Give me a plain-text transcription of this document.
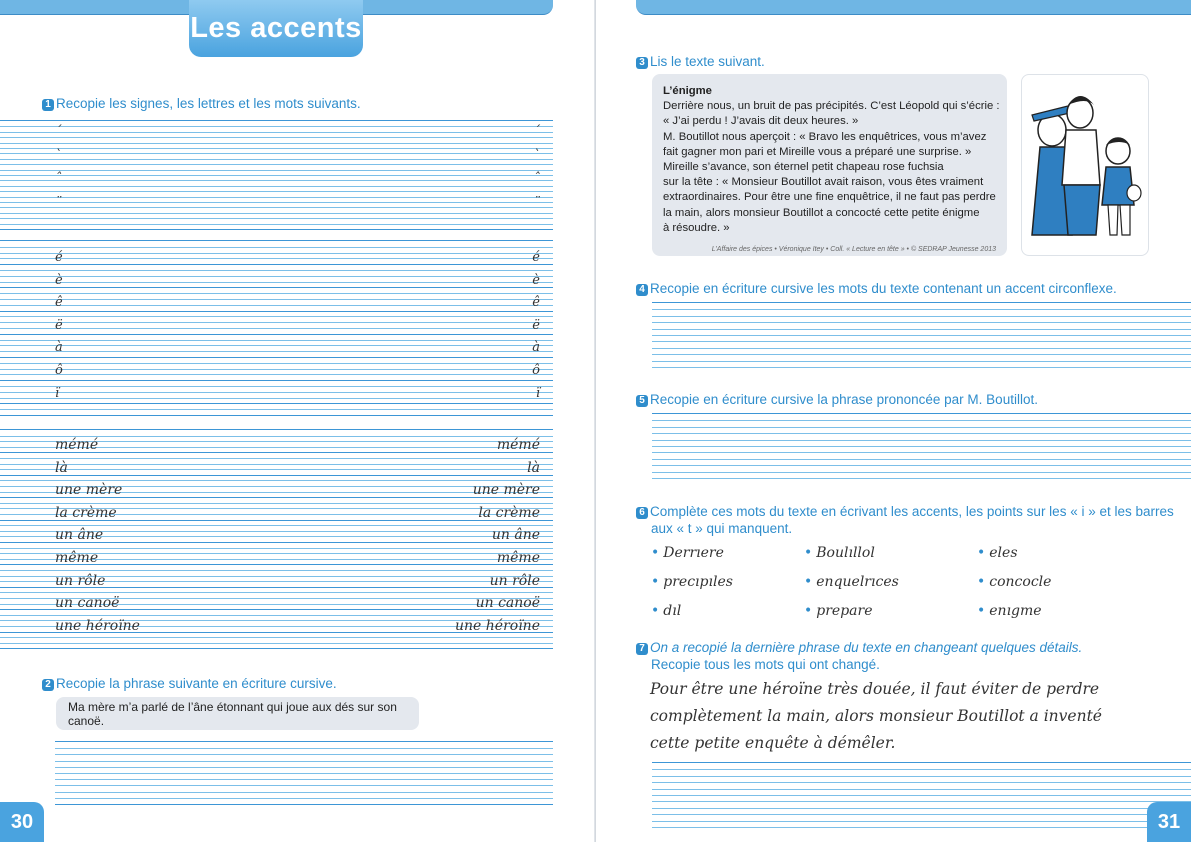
Les accents
1 Recopie les signes, les lettres et les mots suivants.
2 Recopie la phrase suivante en écriture cursive.
Ma mère m’a parlé de l’âne étonnant qui joue aux dés sur son canoë.
30
´	´
`	`
ˆ	ˆ
¨	¨
é	é
è	è
ê	ê
ë	ë
à	à
ô	ô
ï	ï
mémé	mémé
là	là
une mère	une mère
la crème	la crème
un âne	un âne
même	même
un rôle	un rôle
un canoë	un canoë
une héroïne	une héroïne
3 Lis le texte suivant.
L’énigme
Derrière nous, un bruit de pas précipités. C’est Léopold qui s’écrie :
« J’ai perdu ! J’avais dit deux heures. »
M. Boutillot nous aperçoit : « Bravo les enquêtrices, vous m’avez
fait gagner mon pari et Mireille vous a préparé une surprise. »
Mireille s’avance, son éternel petit chapeau rose fuchsia
sur la tête : « Monsieur Boutillot avait raison, vous êtes vraiment
extraordinaires. Pour être une fine enquêtrice, il ne faut pas perdre
la main, alors monsieur Boutillot a concocté cette petite énigme
à résoudre. »
L’Affaire des épices • Véronique Itey • Coll. « Lecture en tête » • © SEDRAP Jeunesse 2013
4 Recopie en écriture cursive les mots du texte contenant un accent circonflexe.
5 Recopie en écriture cursive la phrase prononcée par M. Boutillot.
6 Complète ces mots du texte en écrivant les accents, les points sur les « i » et les barres
aux « t » qui manquent.
7 On a recopié la dernière phrase du texte en changeant quelques détails.
Recopie tous les mots qui ont changé.
31
• Derrıere	• Boulıllol	• eles
• precıpıles	• enquelrıces	• concocle
• dıl	• prepare	• enıgme
Pour être une héroïne très douée, il faut éviter de perdre
complètement la main, alors monsieur Boutillot a inventé
cette petite enquête à démêler.
